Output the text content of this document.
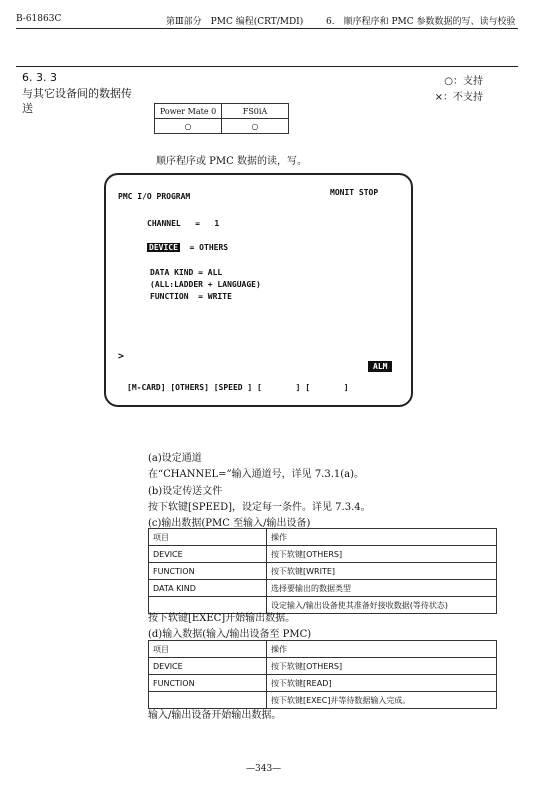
B-61863C	第Ⅲ部分　PMC 编程(CRT/MDI)	6.　顺序程序和 PMC 参数数据的写、读与校验
6. 3. 3
与其它设备间的数据传送
○：支持
×：不支持
Power Mate 0	FS0iA
○	○
顺序程序或 PMC 数据的读，写。
PMC I/O PROGRAM	MONIT STOP
CHANNEL   =   1
DEVICE = OTHERS
DATA KIND = ALL
(ALL:LADDER + LANGUAGE)
FUNCTION  = WRITE
>
ALM
[M-CARD] [OTHERS] [SPEED ] [       ] [       ]
(a)设定通道
在“CHANNEL=”输入通道号，详见 7.3.1(a)。
(b)设定传送文件
按下软键[SPEED]，设定每一条件。详见 7.3.4。
(c)输出数据(PMC 至输入/输出设备)
项目	操作
DEVICE	按下软键[OTHERS]
FUNCTION	按下软键[WRITE]
DATA KIND	选择要输出的数据类型
	设定输入/输出设备使其准备好接收数据(等待状态)
按下软键[EXEC]开始输出数据。
(d)输入数据(输入/输出设备至 PMC)
项目	操作
DEVICE	按下软键[OTHERS]
FUNCTION	按下软键[READ]
	按下软键[EXEC]并等待数据输入完成。
输入/输出设备开始输出数据。
—343—
